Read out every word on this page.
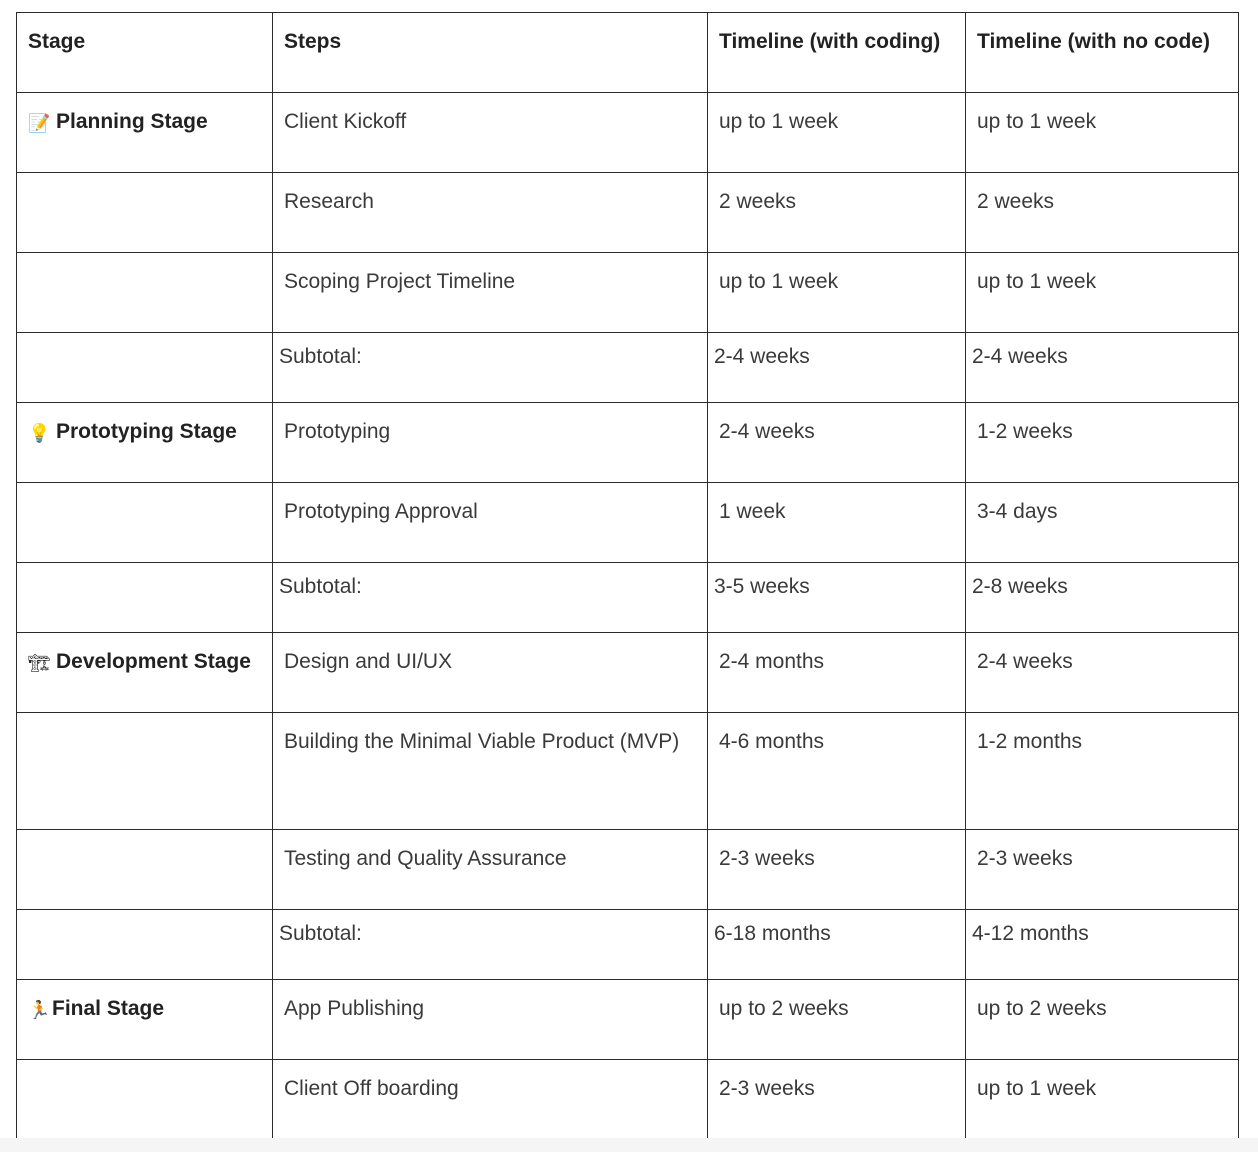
Stage	Steps	Timeline (with coding)	Timeline (with no code)
📝 Planning Stage	Client Kickoff	up to 1 week	up to 1 week
	Research	2 weeks	2 weeks
	Scoping Project Timeline	up to 1 week	up to 1 week
	Subtotal:	2-4 weeks	2-4 weeks
💡 Prototyping Stage	Prototyping	2-4 weeks	1-2 weeks
	Prototyping Approval	1 week	3-4 days
	Subtotal:	3-5 weeks	2-8 weeks
🏗 Development Stage	Design and UI/UX	2-4 months	2-4 weeks
	Building the Minimal Viable Product (MVP)	4-6 months	1-2 months
	Testing and Quality Assurance	2-3 weeks	2-3 weeks
	Subtotal:	6-18 months	4-12 months
🏃Final Stage	App Publishing	up to 2 weeks	up to 2 weeks
	Client Off boarding	2-3 weeks	up to 1 week
